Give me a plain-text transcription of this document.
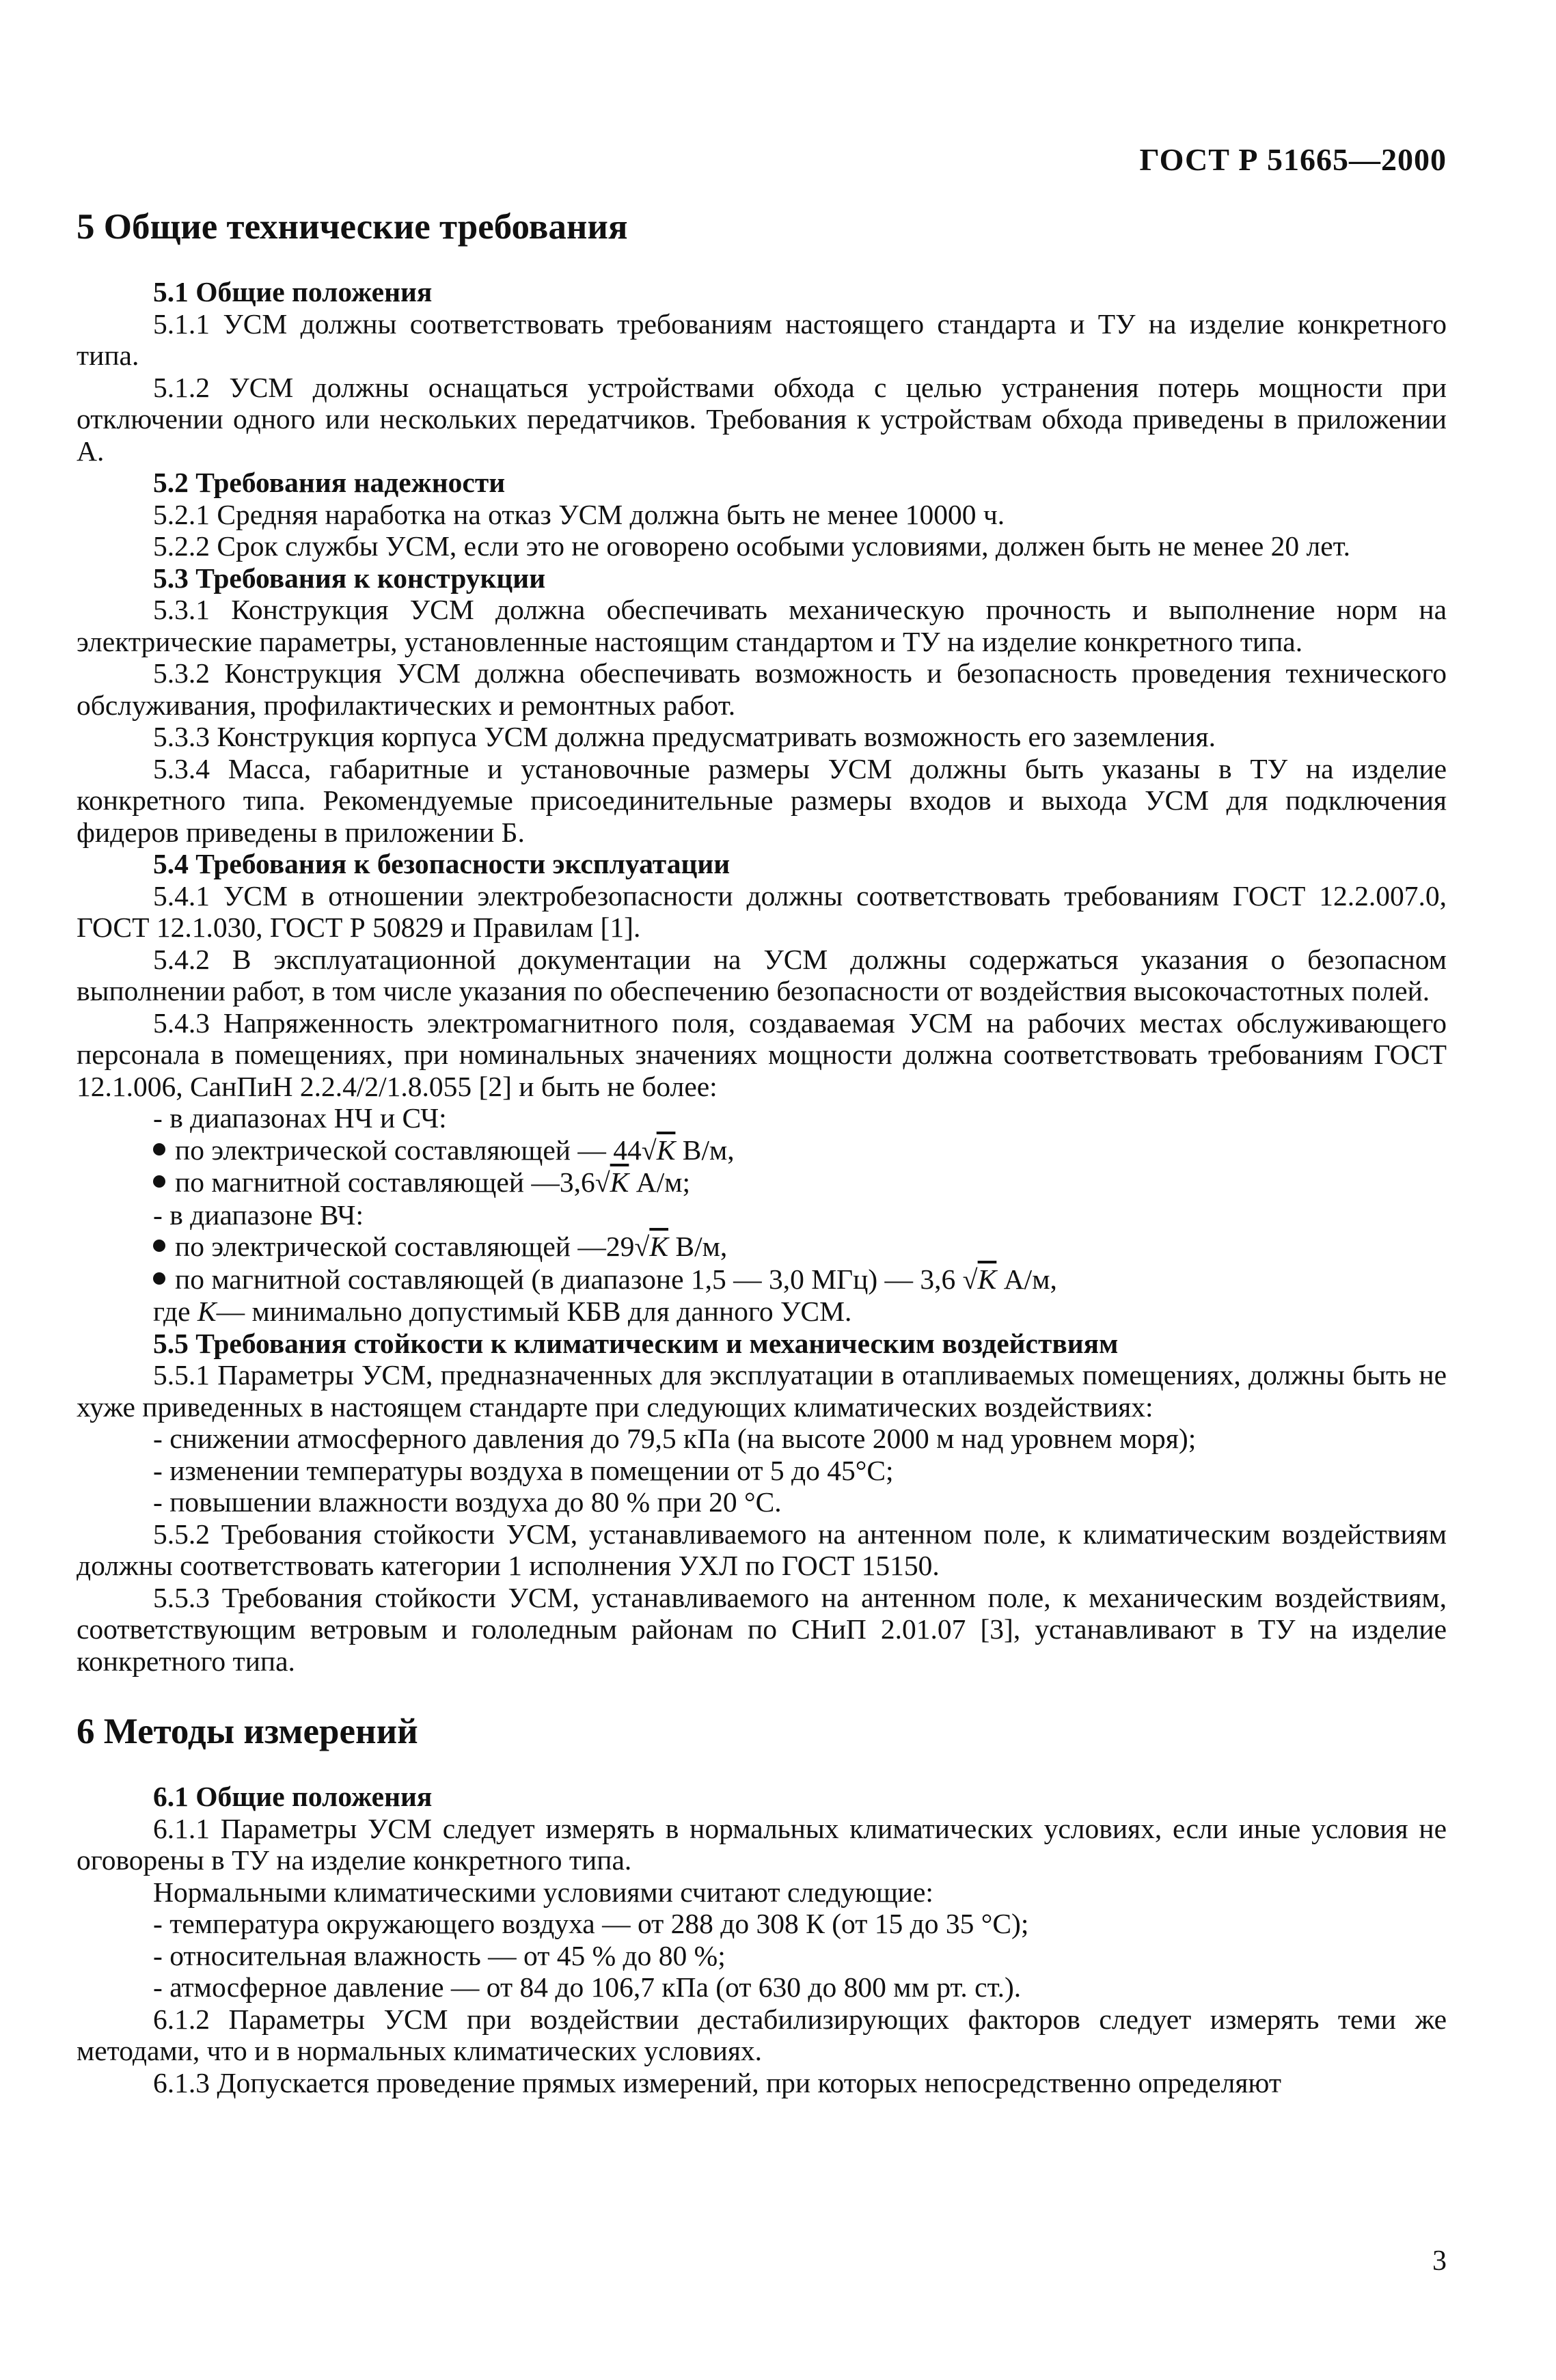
ГОСТ Р 51665—2000
5 Общие технические требования

5.1 Общие положения

5.1.1 УСМ должны соответствовать требованиям настоящего стандарта и ТУ на изделие конкретного типа.

5.1.2 УСМ должны оснащаться устройствами обхода с целью устранения потерь мощности при отключении одного или нескольких передатчиков. Требования к устройствам обхода приведены в приложении А.

5.2 Требования надежности

5.2.1 Средняя наработка на отказ УСМ должна быть не менее 10000 ч.

5.2.2 Срок службы УСМ, если это не оговорено особыми условиями, должен быть не менее 20 лет.

5.3 Требования к конструкции

5.3.1 Конструкция УСМ должна обеспечивать механическую прочность и выполнение норм на электрические параметры, установленные настоящим стандартом и ТУ на изделие конкретного типа.

5.3.2 Конструкция УСМ должна обеспечивать возможность и безопасность проведения технического обслуживания, профилактических и ремонтных работ.

5.3.3 Конструкция корпуса УСМ должна предусматривать возможность его заземления.

5.3.4 Масса, габаритные и установочные размеры УСМ должны быть указаны в ТУ на изделие конкретного типа. Рекомендуемые присоединительные размеры входов и выхода УСМ для подключения фидеров приведены в приложении Б.

5.4 Требования к безопасности эксплуатации

5.4.1 УСМ в отношении электробезопасности должны соответствовать требованиям ГОСТ 12.2.007.0, ГОСТ 12.1.030, ГОСТ Р 50829 и Правилам [1].

5.4.2 В эксплуатационной документации на УСМ должны содержаться указания о безопасном выполнении работ, в том числе указания по обеспечению безопасности от воздействия высокочастотных полей.

5.4.3 Напряженность электромагнитного поля, создаваемая УСМ на рабочих местах обслуживающего персонала в помещениях, при номинальных значениях мощности должна соответствовать требованиям ГОСТ 12.1.006, СанПиН 2.2.4/2/1.8.055 [2] и быть не более:

- в диапазонах НЧ и СЧ:

по электрической составляющей — 44√K В/м,

по магнитной составляющей —3,6√K А/м;

- в диапазоне ВЧ:

по электрической составляющей —29√K В/м,

по магнитной составляющей (в диапазоне 1,5 — 3,0 МГц) — 3,6 √K А/м,

где K— минимально допустимый КБВ для данного УСМ.

5.5 Требования стойкости к климатическим и механическим воздействиям

5.5.1 Параметры УСМ, предназначенных для эксплуатации в отапливаемых помещениях, должны быть не хуже приведенных в настоящем стандарте при следующих климатических воздействиях:

- снижении атмосферного давления до 79,5 кПа (на высоте 2000 м над уровнем моря);

- изменении температуры воздуха в помещении от 5 до 45°С;

- повышении влажности воздуха до 80 % при 20 °С.

5.5.2 Требования стойкости УСМ, устанавливаемого на антенном поле, к климатическим воздействиям должны соответствовать категории 1 исполнения УХЛ по ГОСТ 15150.

5.5.3 Требования стойкости УСМ, устанавливаемого на антенном поле, к механическим воздействиям, соответствующим ветровым и гололедным районам по СНиП 2.01.07 [3], устанавливают в ТУ на изделие конкретного типа.

6 Методы измерений

6.1 Общие положения

6.1.1 Параметры УСМ следует измерять в нормальных климатических условиях, если иные условия не оговорены в ТУ на изделие конкретного типа.

Нормальными климатическими условиями считают следующие:

- температура окружающего воздуха — от 288 до 308 К (от 15 до 35 °С);

- относительная влажность — от 45 % до 80 %;

- атмосферное давление — от 84 до 106,7 кПа (от 630 до 800 мм рт. ст.).

6.1.2 Параметры УСМ при воздействии дестабилизирующих факторов следует измерять теми же методами, что и в нормальных климатических условиях.

6.1.3 Допускается проведение прямых измерений, при которых непосредственно определяют

3
